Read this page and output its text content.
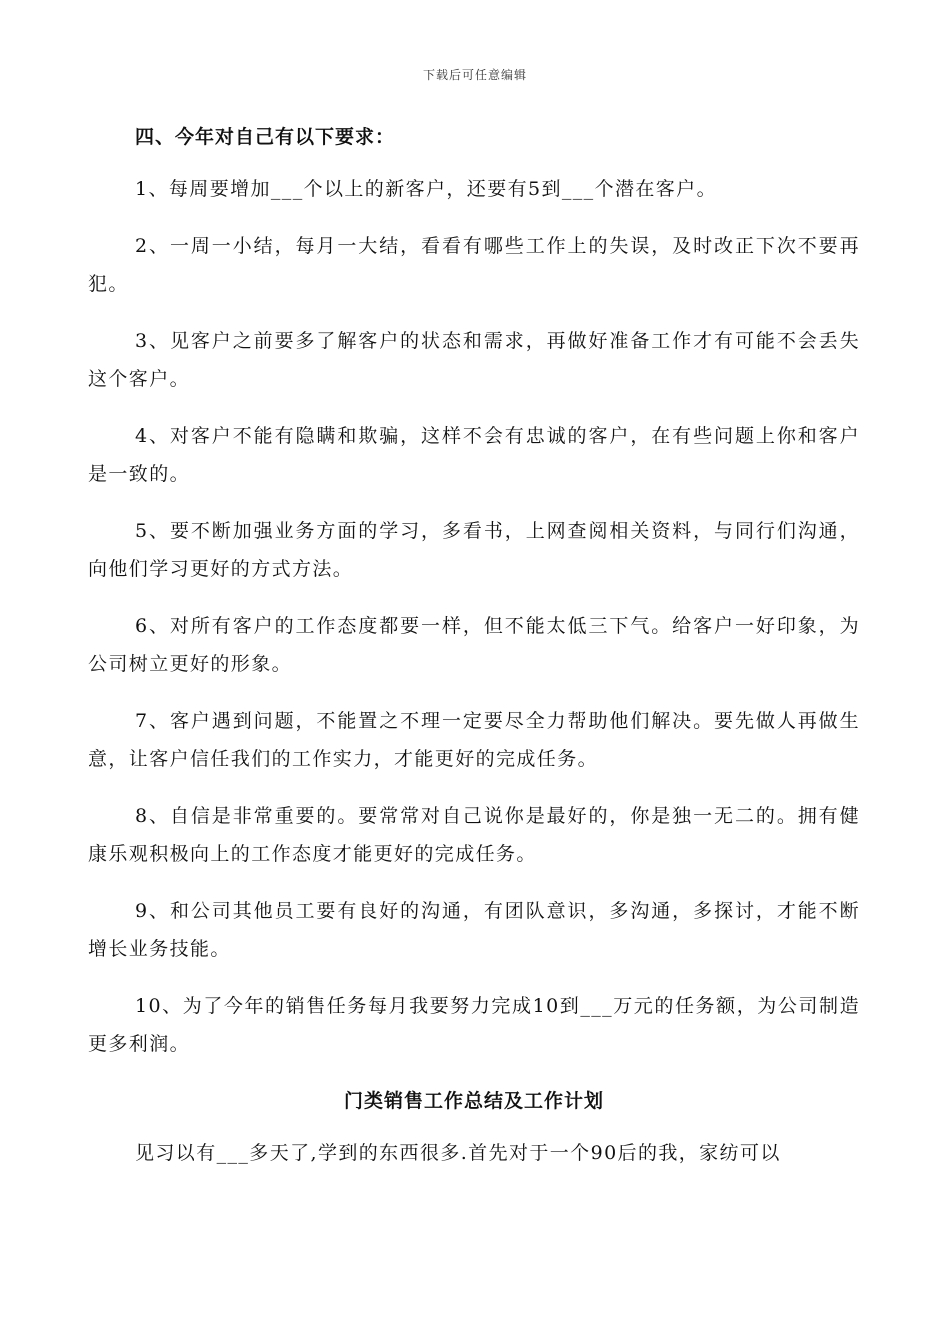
下载后可任意编辑
四、今年对自己有以下要求：

1、每周要增加___个以上的新客户，还要有5到___个潜在客户。

2、一周一小结，每月一大结，看看有哪些工作上的失误，及时改正下次不要再犯。

3、见客户之前要多了解客户的状态和需求，再做好准备工作才有可能不会丢失这个客户。

4、对客户不能有隐瞒和欺骗，这样不会有忠诚的客户，在有些问题上你和客户是一致的。

5、要不断加强业务方面的学习，多看书，上网查阅相关资料，与同行们沟通，向他们学习更好的方式方法。

6、对所有客户的工作态度都要一样，但不能太低三下气。给客户一好印象，为公司树立更好的形象。

7、客户遇到问题，不能置之不理一定要尽全力帮助他们解决。要先做人再做生意，让客户信任我们的工作实力，才能更好的完成任务。

8、自信是非常重要的。要常常对自己说你是最好的，你是独一无二的。拥有健康乐观积极向上的工作态度才能更好的完成任务。

9、和公司其他员工要有良好的沟通，有团队意识，多沟通，多探讨，才能不断增长业务技能。

10、为了今年的销售任务每月我要努力完成10到___万元的任务额，为公司制造更多利润。

门类销售工作总结及工作计划

见习以有___多天了,学到的东西很多.首先对于一个90后的我，家纺可以
